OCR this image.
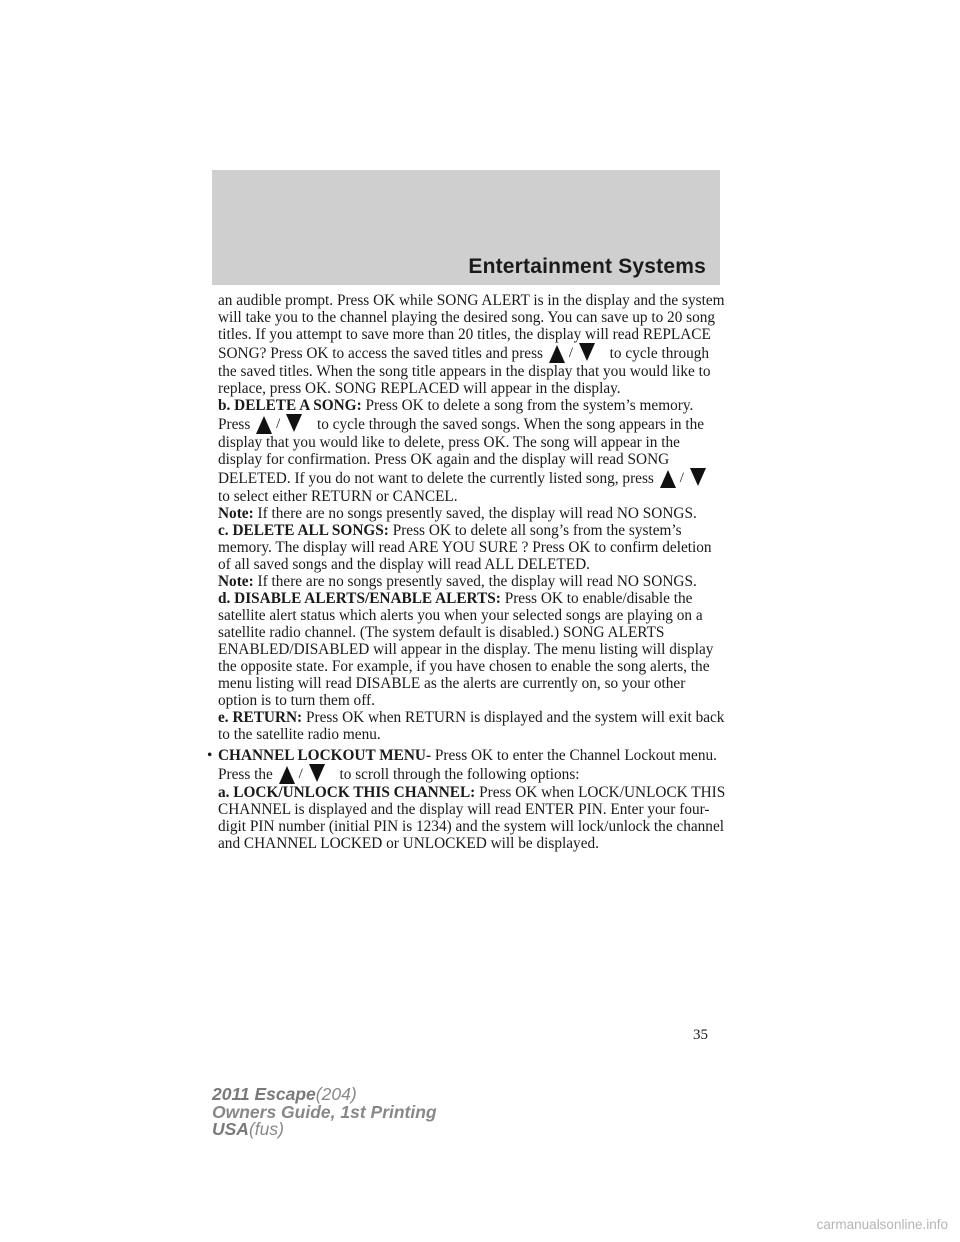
Entertainment Systems

an audible prompt. Press OK while SONG ALERT is in the display and the system will take you to the channel playing the desired song. You can save up to 20 song titles. If you attempt to save more than 20 titles, the display will read REPLACE SONG? Press OK to access the saved titles and press / to cycle through the saved titles. When the song title appears in the display that you would like to replace, press OK. SONG REPLACED will appear in the display.

b. DELETE A SONG: Press OK to delete a song from the system’s memory. Press / to cycle through the saved songs. When the song appears in the display that you would like to delete, press OK. The song will appear in the display for confirmation. Press OK again and the display will read SONG DELETED. If you do not want to delete the currently listed song, press /
to select either RETURN or CANCEL.

Note: If there are no songs presently saved, the display will read NO SONGS.

c. DELETE ALL SONGS: Press OK to delete all song’s from the system’s memory. The display will read ARE YOU SURE ? Press OK to confirm deletion of all saved songs and the display will read ALL DELETED.

Note: If there are no songs presently saved, the display will read NO SONGS.

d. DISABLE ALERTS/ENABLE ALERTS: Press OK to enable/disable the satellite alert status which alerts you when your selected songs are playing on a satellite radio channel. (The system default is disabled.) SONG ALERTS ENABLED/DISABLED will appear in the display. The menu listing will display the opposite state. For example, if you have chosen to enable the song alerts, the menu listing will read DISABLE as the alerts are currently on, so your other option is to turn them off.

e. RETURN: Press OK when RETURN is displayed and the system will exit back to the satellite radio menu.

• CHANNEL LOCKOUT MENU- Press OK to enter the Channel Lockout menu. Press the / to scroll through the following options:

a. LOCK/UNLOCK THIS CHANNEL: Press OK when LOCK/UNLOCK THIS CHANNEL is displayed and the display will read ENTER PIN. Enter your four-digit PIN number (initial PIN is 1234) and the system will lock/unlock the channel and CHANNEL LOCKED or UNLOCKED will be displayed.

35
2011 Escape(204)
Owners Guide, 1st Printing
USA(fus)
carmanualsonline.info
